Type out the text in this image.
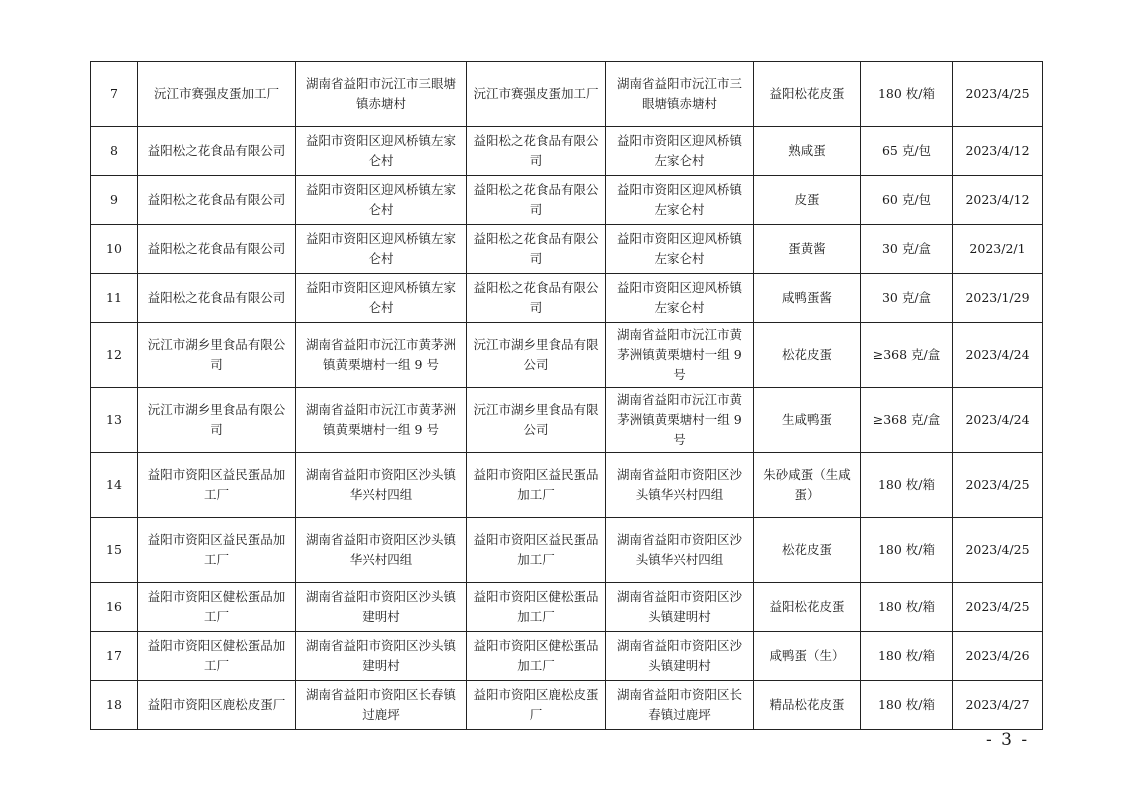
7	沅江市赛强皮蛋加工厂	湖南省益阳市沅江市三眼塘镇赤塘村	沅江市赛强皮蛋加工厂	湖南省益阳市沅江市三眼塘镇赤塘村	益阳松花皮蛋	180 枚/箱	2023/4/25
8	益阳松之花食品有限公司	益阳市资阳区迎风桥镇左家仑村	益阳松之花食品有限公司	益阳市资阳区迎风桥镇左家仑村	熟咸蛋	65 克/包	2023/4/12
9	益阳松之花食品有限公司	益阳市资阳区迎风桥镇左家仑村	益阳松之花食品有限公司	益阳市资阳区迎风桥镇左家仑村	皮蛋	60 克/包	2023/4/12
10	益阳松之花食品有限公司	益阳市资阳区迎风桥镇左家仑村	益阳松之花食品有限公司	益阳市资阳区迎风桥镇左家仑村	蛋黄酱	30 克/盒	2023/2/1
11	益阳松之花食品有限公司	益阳市资阳区迎风桥镇左家仑村	益阳松之花食品有限公司	益阳市资阳区迎风桥镇左家仑村	咸鸭蛋酱	30 克/盒	2023/1/29
12	沅江市湖乡里食品有限公司	湖南省益阳市沅江市黄茅洲镇黄栗塘村一组 9 号	沅江市湖乡里食品有限公司	湖南省益阳市沅江市黄茅洲镇黄栗塘村一组 9 号	松花皮蛋	≥368 克/盒	2023/4/24
13	沅江市湖乡里食品有限公司	湖南省益阳市沅江市黄茅洲镇黄栗塘村一组 9 号	沅江市湖乡里食品有限公司	湖南省益阳市沅江市黄茅洲镇黄栗塘村一组 9 号	生咸鸭蛋	≥368 克/盒	2023/4/24
14	益阳市资阳区益民蛋品加工厂	湖南省益阳市资阳区沙头镇华兴村四组	益阳市资阳区益民蛋品加工厂	湖南省益阳市资阳区沙头镇华兴村四组	朱砂咸蛋（生咸蛋）	180 枚/箱	2023/4/25
15	益阳市资阳区益民蛋品加工厂	湖南省益阳市资阳区沙头镇华兴村四组	益阳市资阳区益民蛋品加工厂	湖南省益阳市资阳区沙头镇华兴村四组	松花皮蛋	180 枚/箱	2023/4/25
16	益阳市资阳区健松蛋品加工厂	湖南省益阳市资阳区沙头镇建明村	益阳市资阳区健松蛋品加工厂	湖南省益阳市资阳区沙头镇建明村	益阳松花皮蛋	180 枚/箱	2023/4/25
17	益阳市资阳区健松蛋品加工厂	湖南省益阳市资阳区沙头镇建明村	益阳市资阳区健松蛋品加工厂	湖南省益阳市资阳区沙头镇建明村	咸鸭蛋（生）	180 枚/箱	2023/4/26
18	益阳市资阳区鹿松皮蛋厂	湖南省益阳市资阳区长春镇过鹿坪	益阳市资阳区鹿松皮蛋厂	湖南省益阳市资阳区长春镇过鹿坪	精品松花皮蛋	180 枚/箱	2023/4/27
- 3 -
